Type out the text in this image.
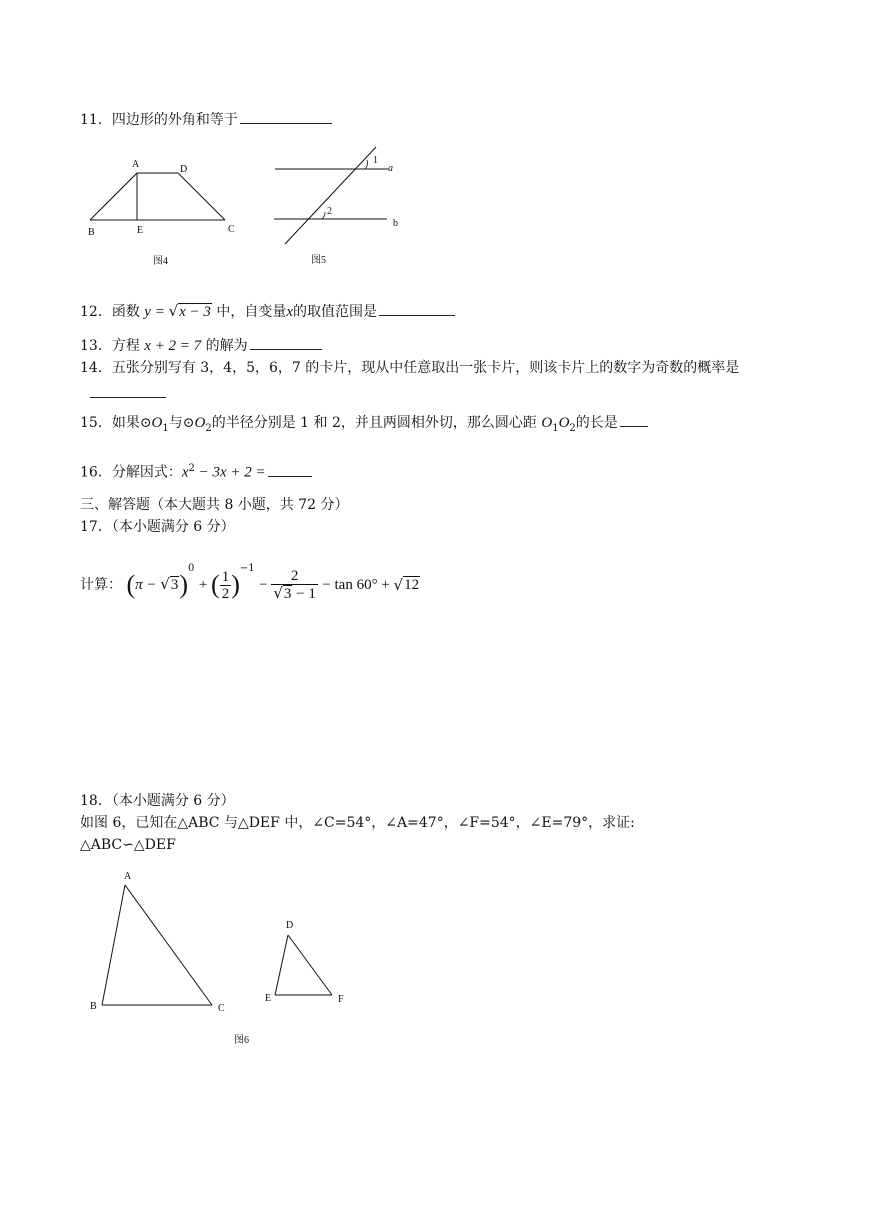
11．四边形的外角和等于
A	D
B	E	C
图4
1
2
a
b
图5
12．函数 y = √x − 3 中，自变量x的取值范围是
13．方程 x + 2 = 7 的解为
14．五张分别写有 3，4，5，6，7 的卡片，现从中任意取出一张卡片，则该卡片上的数字为奇数的概率是
15．如果$⊙O_1$与$⊙O_2$的半径分别是 1 和 2，并且两圆相外切，那么圆心距 $O_1O_2$的长是
16．分解因式：$x^2 - 3x + 2$ =
三、解答题（本大题共 8 小题，共 72 分）
17．（本小题满分 6 分）
计算： $(\pi - √3)^0$ + ( $\frac{1}{2} )^{-1} - \frac{2}{√3 - 1} - \tan 60^\circ + √12$
18．（本小题满分 6 分）
如图 6，已知在△ABC 与△DEF 中，∠C=54°，∠A=47°，∠F=54°，∠E=79°，求证:
△ABC∽△DEF
A
B	C
D
E	F
图6
